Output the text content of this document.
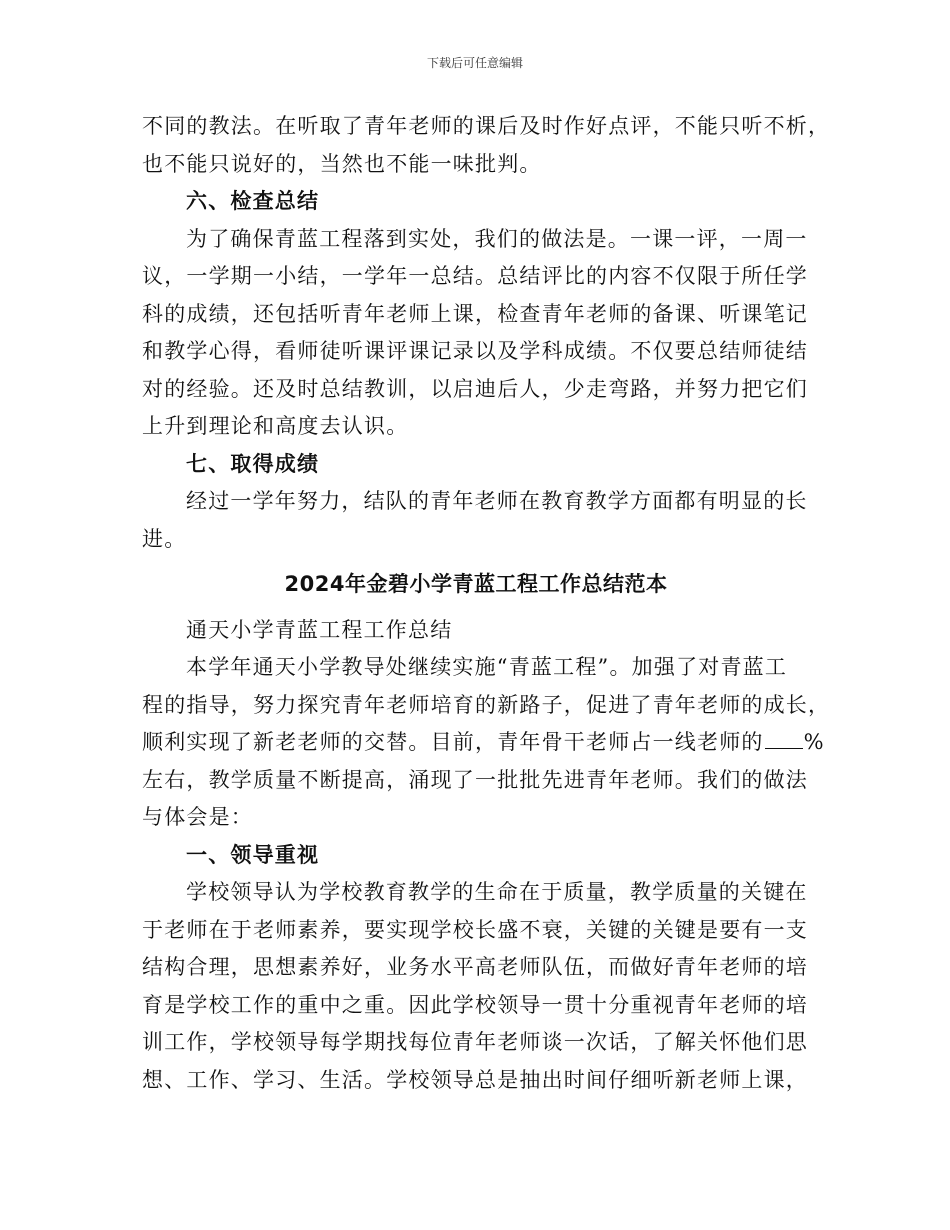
下载后可任意编辑
不同的教法。在听取了青年老师的课后及时作好点评，不能只听不析，
也不能只说好的，当然也不能一味批判。
六、检查总结
为了确保青蓝工程落到实处，我们的做法是。一课一评，一周一
议，一学期一小结，一学年一总结。总结评比的内容不仅限于所任学
科的成绩，还包括听青年老师上课，检查青年老师的备课、听课笔记
和教学心得，看师徒听课评课记录以及学科成绩。不仅要总结师徒结
对的经验。还及时总结教训，以启迪后人，少走弯路，并努力把它们
上升到理论和高度去认识。
七、取得成绩
经过一学年努力，结队的青年老师在教育教学方面都有明显的长
进。
2024年金碧小学青蓝工程工作总结范本
通天小学青蓝工程工作总结
本学年通天小学教导处继续实施“青蓝工程”。加强了对青蓝工
程的指导，努力探究青年老师培育的新路子，促进了青年老师的成长，
顺利实现了新老老师的交替。目前，青年骨干老师占一线老师的 %
左右，教学质量不断提高，涌现了一批批先进青年老师。我们的做法
与体会是：
一、领导重视
学校领导认为学校教育教学的生命在于质量，教学质量的关键在
于老师在于老师素养，要实现学校长盛不衰，关键的关键是要有一支
结构合理，思想素养好，业务水平高老师队伍，而做好青年老师的培
育是学校工作的重中之重。因此学校领导一贯十分重视青年老师的培
训工作，学校领导每学期找每位青年老师谈一次话，了解关怀他们思
想、工作、学习、生活。学校领导总是抽出时间仔细听新老师上课，
